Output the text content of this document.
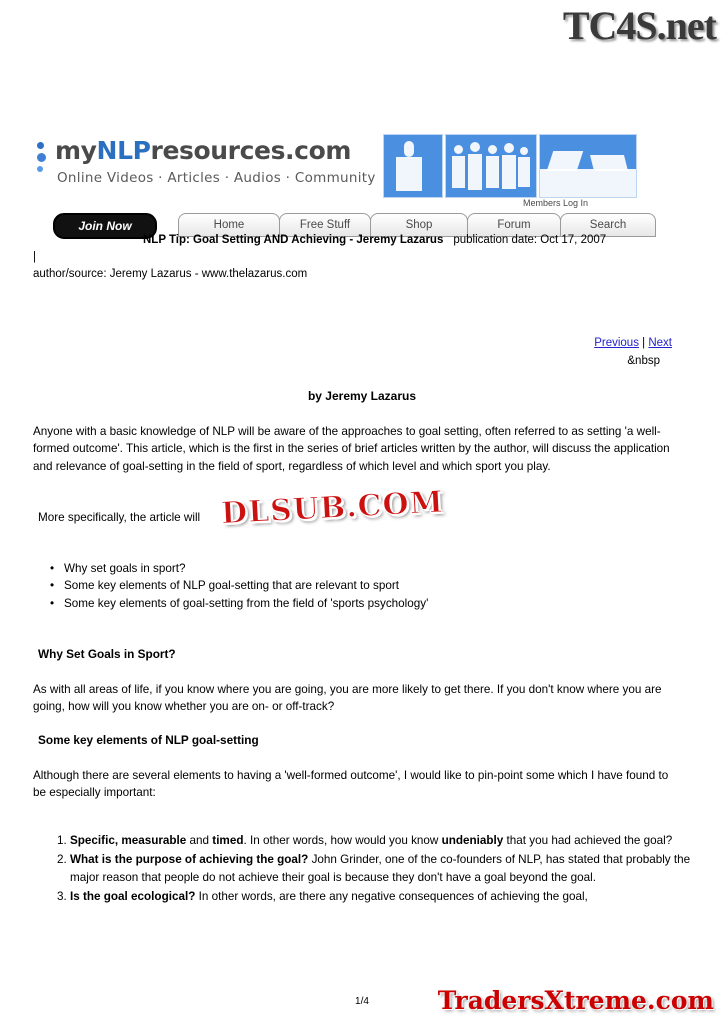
TC4S.net
myNLPresources.com
Online Videos · Articles · Audios · Community
Members Log In
Join Now	Home	Free Stuff	Shop	Forum	Search
NLP Tip: Goal Setting AND Achieving - Jeremy Lazarus publication date: Oct 17, 2007
|
author/source: Jeremy Lazarus - www.thelazarus.com
Previous | Next
&nbsp
by Jeremy Lazarus
Anyone with a basic knowledge of NLP will be aware of the approaches to goal setting, often referred to as setting 'a well-formed outcome'. This article, which is the first in the series of brief articles written by the author, will discuss the application and relevance of goal-setting in the field of sport, regardless of which level and which sport you play.
More specifically, the article will
• Why set goals in sport?
• Some key elements of NLP goal-setting that are relevant to sport
• Some key elements of goal-setting from the field of 'sports psychology'
Why Set Goals in Sport?
As with all areas of life, if you know where you are going, you are more likely to get there. If you don't know where you are going, how will you know whether you are on- or off-track?
Some key elements of NLP goal-setting
Although there are several elements to having a 'well-formed outcome', I would like to pin-point some which I have found to be especially important:
1. Specific, measurable and timed. In other words, how would you know undeniably that you had achieved the goal?
2. What is the purpose of achieving the goal? John Grinder, one of the co-founders of NLP, has stated that probably the major reason that people do not achieve their goal is because they don't have a goal beyond the goal.
3. Is the goal ecological? In other words, are there any negative consequences of achieving the goal,
DLSUB.COM
1/4	TradersXtreme.com
